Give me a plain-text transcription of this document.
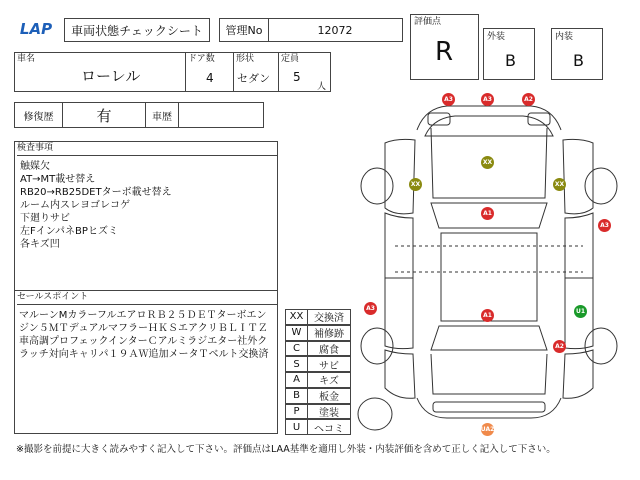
LAP	車両状態チェックシート	管理No	12072
車名
ローレル
ドア数
4
形状
セダン
定員
5
人
評価点
R	外装
B
内装
B
修復歴	有	車歴
検査事項
触媒欠
AT→MT載せ替え
RB20→RB25DETターボ載せ替え
ルーム内スレヨゴレコゲ
下廻りサビ
左FインパネBPヒズミ
各キズ凹
セールスポイント
マルーンMカラーフルエアロＲＢ２５ＤＥＴターボエンジン５ＭＴデュアルマフラーＨＫＳエアクリＢＬＩＴＺ車高調プロフェックインターＣアルミラジエター社外クラッチ対向キャリパ１９ＡＷ追加メータＴベルト交換済
XX	交換済
W	補修跡
C	腐食
S	サビ
A	キズ
B	板金
P	塗装
U	ヘコミ
A3	A3	A2
XX
XX	XX
A1
A3
A3
A1
U1
A2
UA2
※撮影を前提に大きく読みやすく記入して下さい。評価点はLAA基準を適用し外装・内装評価を含めて正しく記入して下さい。
